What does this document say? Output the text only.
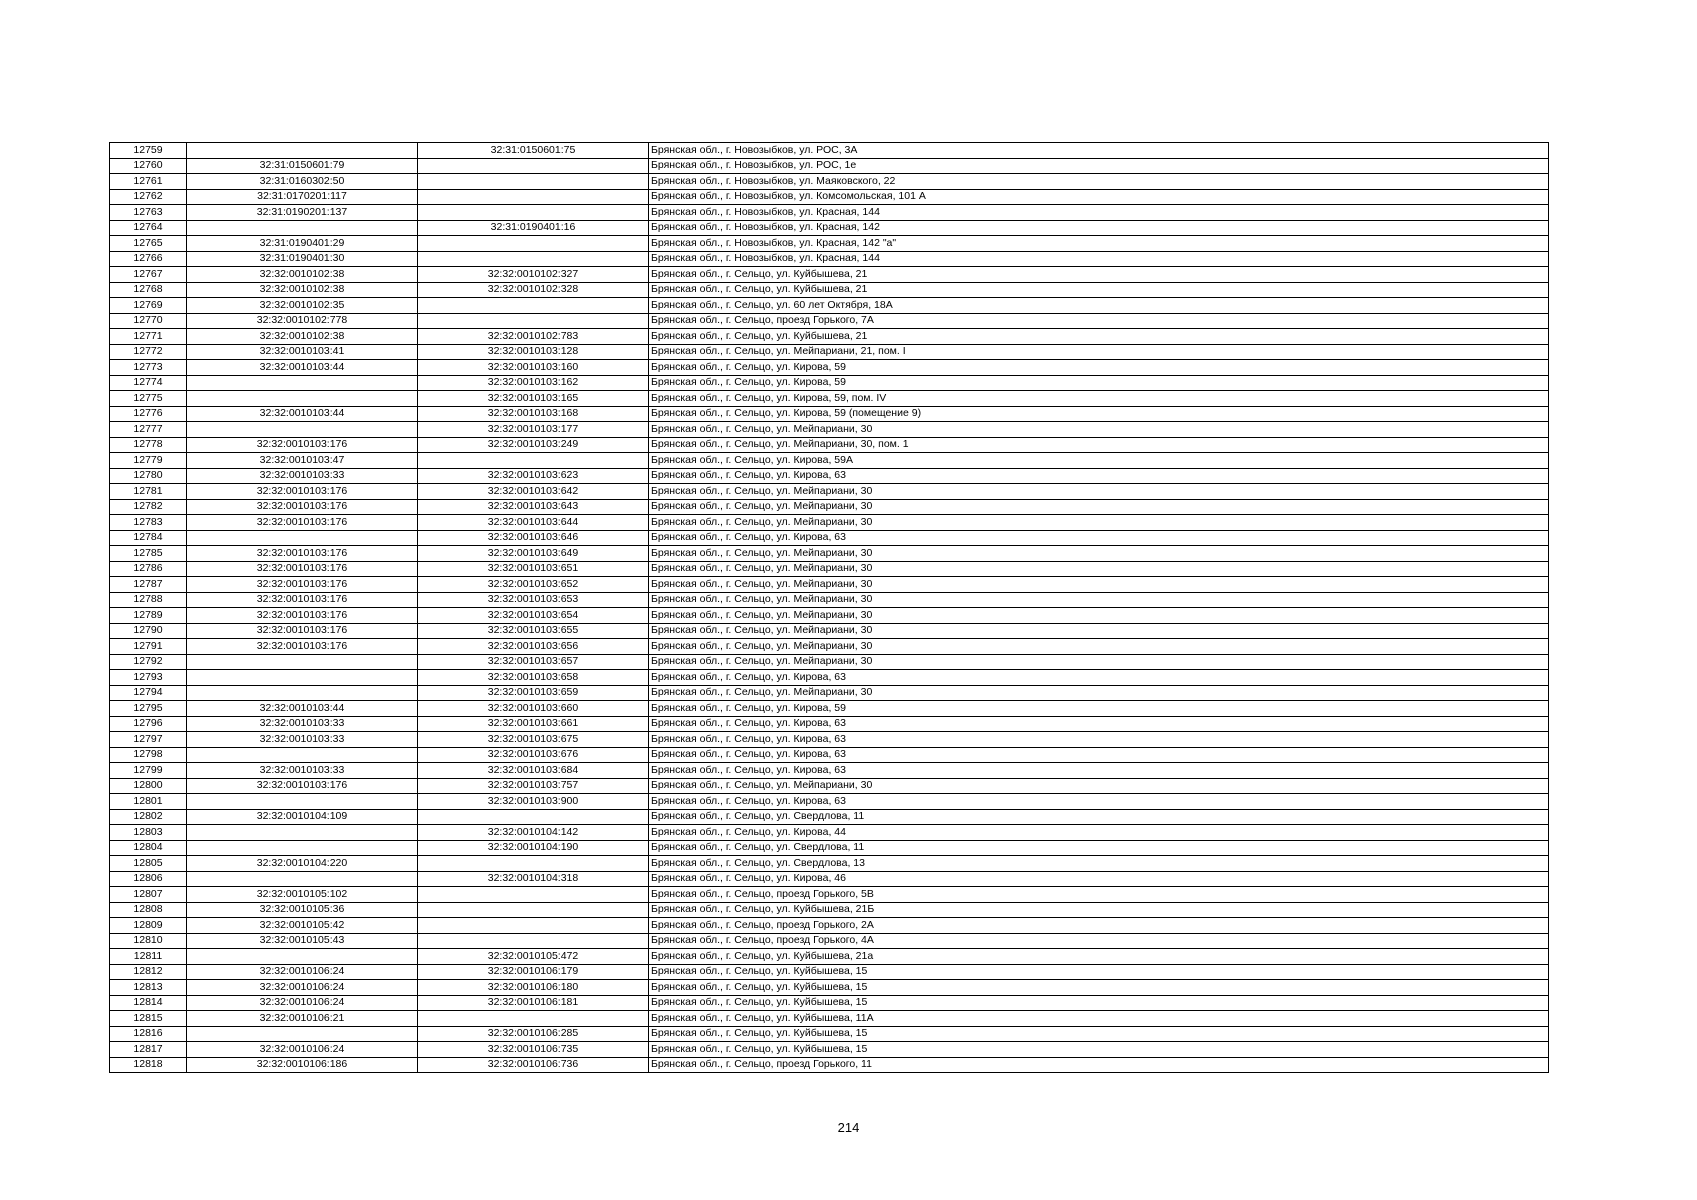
12759		32:31:0150601:75	Брянская обл., г. Новозыбков, ул. РОС, 3А
12760	32:31:0150601:79		Брянская обл., г. Новозыбков, ул. РОС, 1е
12761	32:31:0160302:50		Брянская обл., г. Новозыбков, ул. Маяковского, 22
12762	32:31:0170201:117		Брянская обл., г. Новозыбков, ул. Комсомольская, 101 А
12763	32:31:0190201:137		Брянская обл., г. Новозыбков, ул. Красная, 144
12764		32:31:0190401:16	Брянская обл., г. Новозыбков, ул. Красная, 142
12765	32:31:0190401:29		Брянская обл., г. Новозыбков, ул. Красная, 142 "а"
12766	32:31:0190401:30		Брянская обл., г. Новозыбков, ул. Красная, 144
12767	32:32:0010102:38	32:32:0010102:327	Брянская обл., г. Сельцо, ул. Куйбышева, 21
12768	32:32:0010102:38	32:32:0010102:328	Брянская обл., г. Сельцо, ул. Куйбышева, 21
12769	32:32:0010102:35		Брянская обл., г. Сельцо, ул. 60 лет Октября, 18А
12770	32:32:0010102:778		Брянская обл., г. Сельцо, проезд Горького, 7А
12771	32:32:0010102:38	32:32:0010102:783	Брянская обл., г. Сельцо, ул. Куйбышева, 21
12772	32:32:0010103:41	32:32:0010103:128	Брянская обл., г. Сельцо, ул. Мейпариани, 21, пом. I
12773	32:32:0010103:44	32:32:0010103:160	Брянская обл., г. Сельцо, ул. Кирова, 59
12774		32:32:0010103:162	Брянская обл., г. Сельцо, ул. Кирова, 59
12775		32:32:0010103:165	Брянская обл., г. Сельцо, ул. Кирова, 59, пом. IV
12776	32:32:0010103:44	32:32:0010103:168	Брянская обл., г. Сельцо, ул. Кирова, 59 (помещение 9)
12777		32:32:0010103:177	Брянская обл., г. Сельцо, ул. Мейпариани, 30
12778	32:32:0010103:176	32:32:0010103:249	Брянская обл., г. Сельцо, ул. Мейпариани, 30, пом. 1
12779	32:32:0010103:47		Брянская обл., г. Сельцо, ул. Кирова, 59А
12780	32:32:0010103:33	32:32:0010103:623	Брянская обл., г. Сельцо, ул. Кирова, 63
12781	32:32:0010103:176	32:32:0010103:642	Брянская обл., г. Сельцо, ул. Мейпариани, 30
12782	32:32:0010103:176	32:32:0010103:643	Брянская обл., г. Сельцо, ул. Мейпариани, 30
12783	32:32:0010103:176	32:32:0010103:644	Брянская обл., г. Сельцо, ул. Мейпариани, 30
12784		32:32:0010103:646	Брянская обл., г. Сельцо, ул. Кирова, 63
12785	32:32:0010103:176	32:32:0010103:649	Брянская обл., г. Сельцо, ул. Мейпариани, 30
12786	32:32:0010103:176	32:32:0010103:651	Брянская обл., г. Сельцо, ул. Мейпариани, 30
12787	32:32:0010103:176	32:32:0010103:652	Брянская обл., г. Сельцо, ул. Мейпариани, 30
12788	32:32:0010103:176	32:32:0010103:653	Брянская обл., г. Сельцо, ул. Мейпариани, 30
12789	32:32:0010103:176	32:32:0010103:654	Брянская обл., г. Сельцо, ул. Мейпариани, 30
12790	32:32:0010103:176	32:32:0010103:655	Брянская обл., г. Сельцо, ул. Мейпариани, 30
12791	32:32:0010103:176	32:32:0010103:656	Брянская обл., г. Сельцо, ул. Мейпариани, 30
12792		32:32:0010103:657	Брянская обл., г. Сельцо, ул. Мейпариани, 30
12793		32:32:0010103:658	Брянская обл., г. Сельцо, ул. Кирова, 63
12794		32:32:0010103:659	Брянская обл., г. Сельцо, ул. Мейпариани, 30
12795	32:32:0010103:44	32:32:0010103:660	Брянская обл., г. Сельцо, ул. Кирова, 59
12796	32:32:0010103:33	32:32:0010103:661	Брянская обл., г. Сельцо, ул. Кирова, 63
12797	32:32:0010103:33	32:32:0010103:675	Брянская обл., г. Сельцо, ул. Кирова, 63
12798		32:32:0010103:676	Брянская обл., г. Сельцо, ул. Кирова, 63
12799	32:32:0010103:33	32:32:0010103:684	Брянская обл., г. Сельцо, ул. Кирова, 63
12800	32:32:0010103:176	32:32:0010103:757	Брянская обл., г. Сельцо, ул. Мейпариани, 30
12801		32:32:0010103:900	Брянская обл., г. Сельцо, ул. Кирова, 63
12802	32:32:0010104:109		Брянская обл., г. Сельцо, ул. Свердлова, 11
12803		32:32:0010104:142	Брянская обл., г. Сельцо, ул. Кирова, 44
12804		32:32:0010104:190	Брянская обл., г. Сельцо, ул. Свердлова, 11
12805	32:32:0010104:220		Брянская обл., г. Сельцо, ул. Свердлова, 13
12806		32:32:0010104:318	Брянская обл., г. Сельцо, ул. Кирова, 46
12807	32:32:0010105:102		Брянская обл., г. Сельцо, проезд Горького, 5В
12808	32:32:0010105:36		Брянская обл., г. Сельцо, ул. Куйбышева, 21Б
12809	32:32:0010105:42		Брянская обл., г. Сельцо, проезд Горького, 2А
12810	32:32:0010105:43		Брянская обл., г. Сельцо, проезд Горького, 4А
12811		32:32:0010105:472	Брянская обл., г. Сельцо, ул. Куйбышева, 21а
12812	32:32:0010106:24	32:32:0010106:179	Брянская обл., г. Сельцо, ул. Куйбышева, 15
12813	32:32:0010106:24	32:32:0010106:180	Брянская обл., г. Сельцо, ул. Куйбышева, 15
12814	32:32:0010106:24	32:32:0010106:181	Брянская обл., г. Сельцо, ул. Куйбышева, 15
12815	32:32:0010106:21		Брянская обл., г. Сельцо, ул. Куйбышева, 11А
12816		32:32:0010106:285	Брянская обл., г. Сельцо, ул. Куйбышева, 15
12817	32:32:0010106:24	32:32:0010106:735	Брянская обл., г. Сельцо, ул. Куйбышева, 15
12818	32:32:0010106:186	32:32:0010106:736	Брянская обл., г. Сельцо, проезд Горького, 11
214
